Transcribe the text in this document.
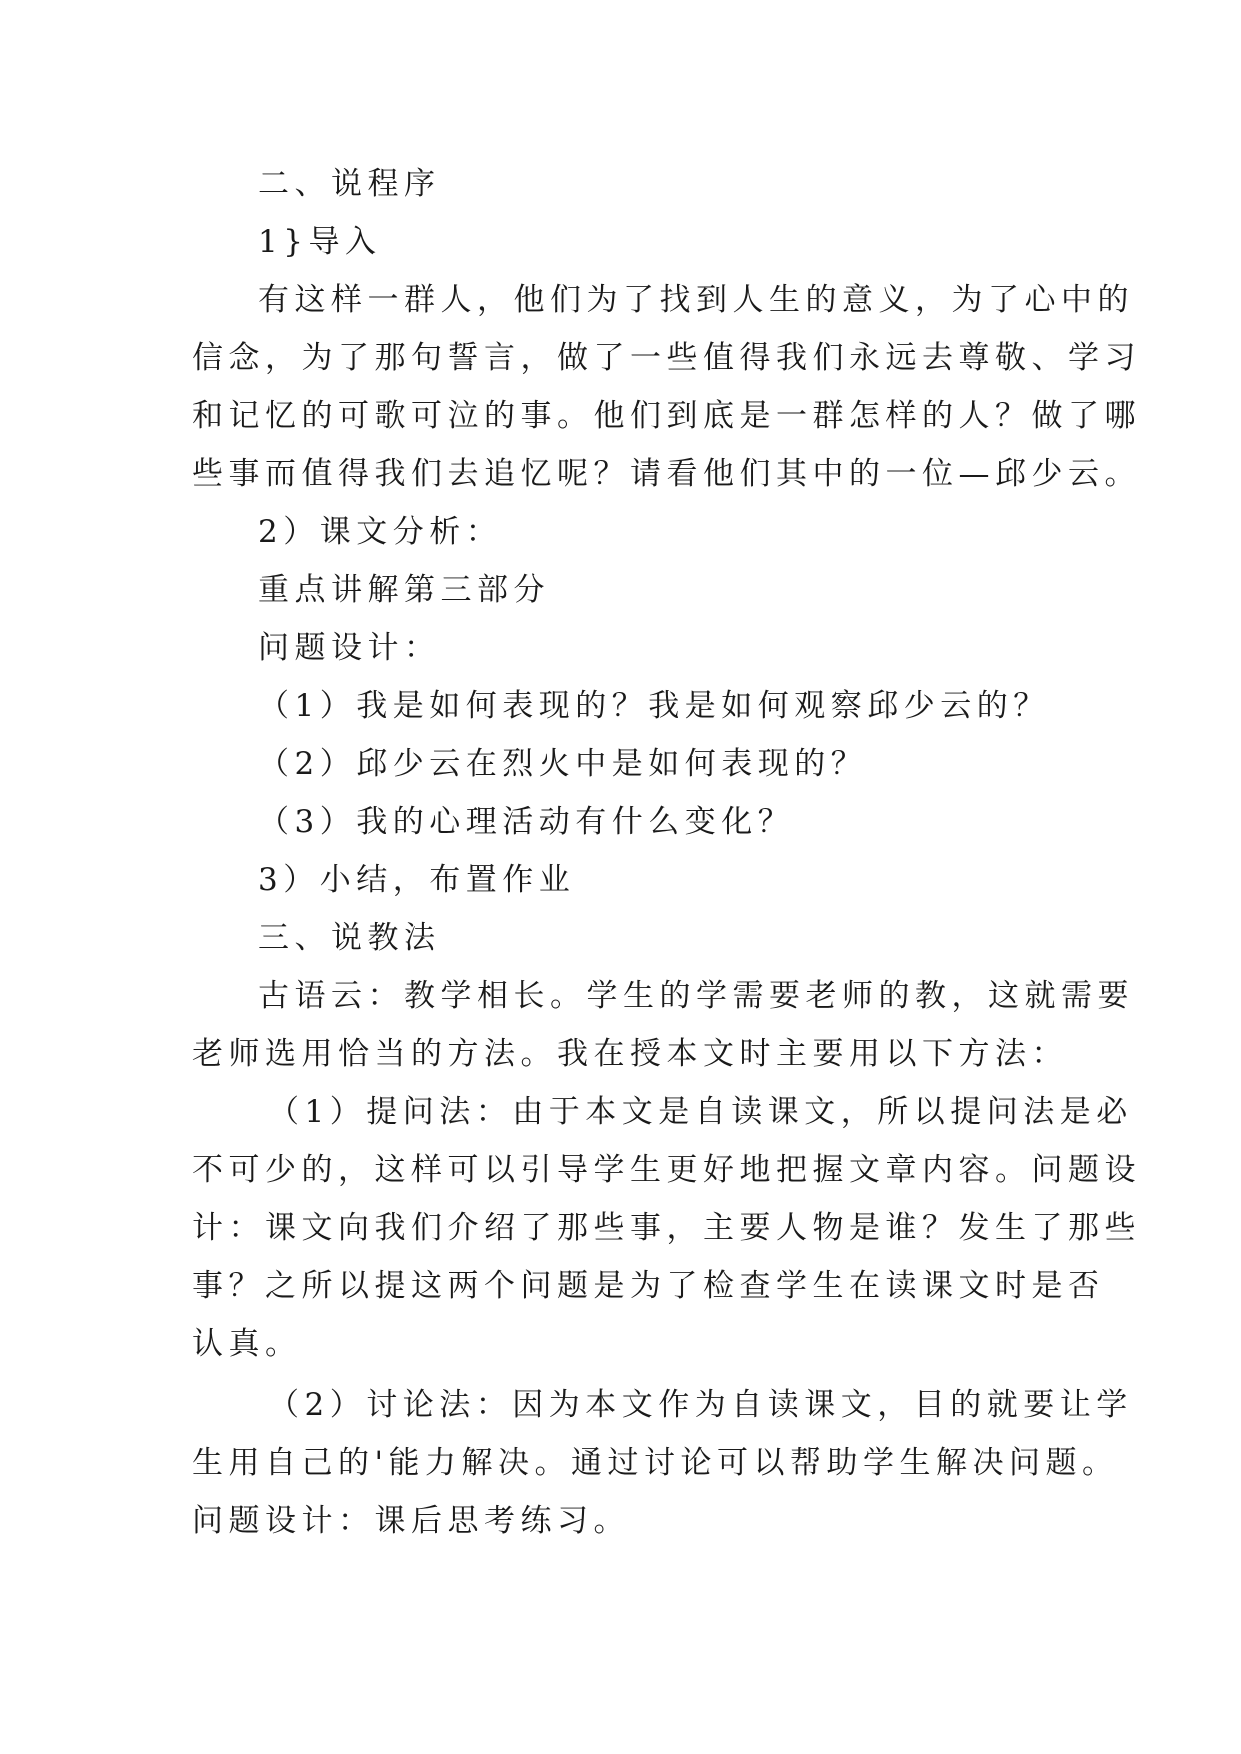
二、说程序
1}导入
有这样一群人，他们为了找到人生的意义，为了心中的
信念，为了那句誓言，做了一些值得我们永远去尊敬、学习
和记忆的可歌可泣的事。他们到底是一群怎样的人？做了哪
些事而值得我们去追忆呢？请看他们其中的一位—邱少云。
2）课文分析：
重点讲解第三部分
问题设计：
（1）我是如何表现的？我是如何观察邱少云的？
（2）邱少云在烈火中是如何表现的？
（3）我的心理活动有什么变化？
3）小结，布置作业
三、说教法
古语云：教学相长。学生的学需要老师的教，这就需要
老师选用恰当的方法。我在授本文时主要用以下方法：
（1）提问法：由于本文是自读课文，所以提问法是必
不可少的，这样可以引导学生更好地把握文章内容。问题设
计：课文向我们介绍了那些事，主要人物是谁？发生了那些
事？之所以提这两个问题是为了检查学生在读课文时是否
认真。
（2）讨论法：因为本文作为自读课文，目的就要让学
生用自己的'能力解决。通过讨论可以帮助学生解决问题。
问题设计：课后思考练习。
